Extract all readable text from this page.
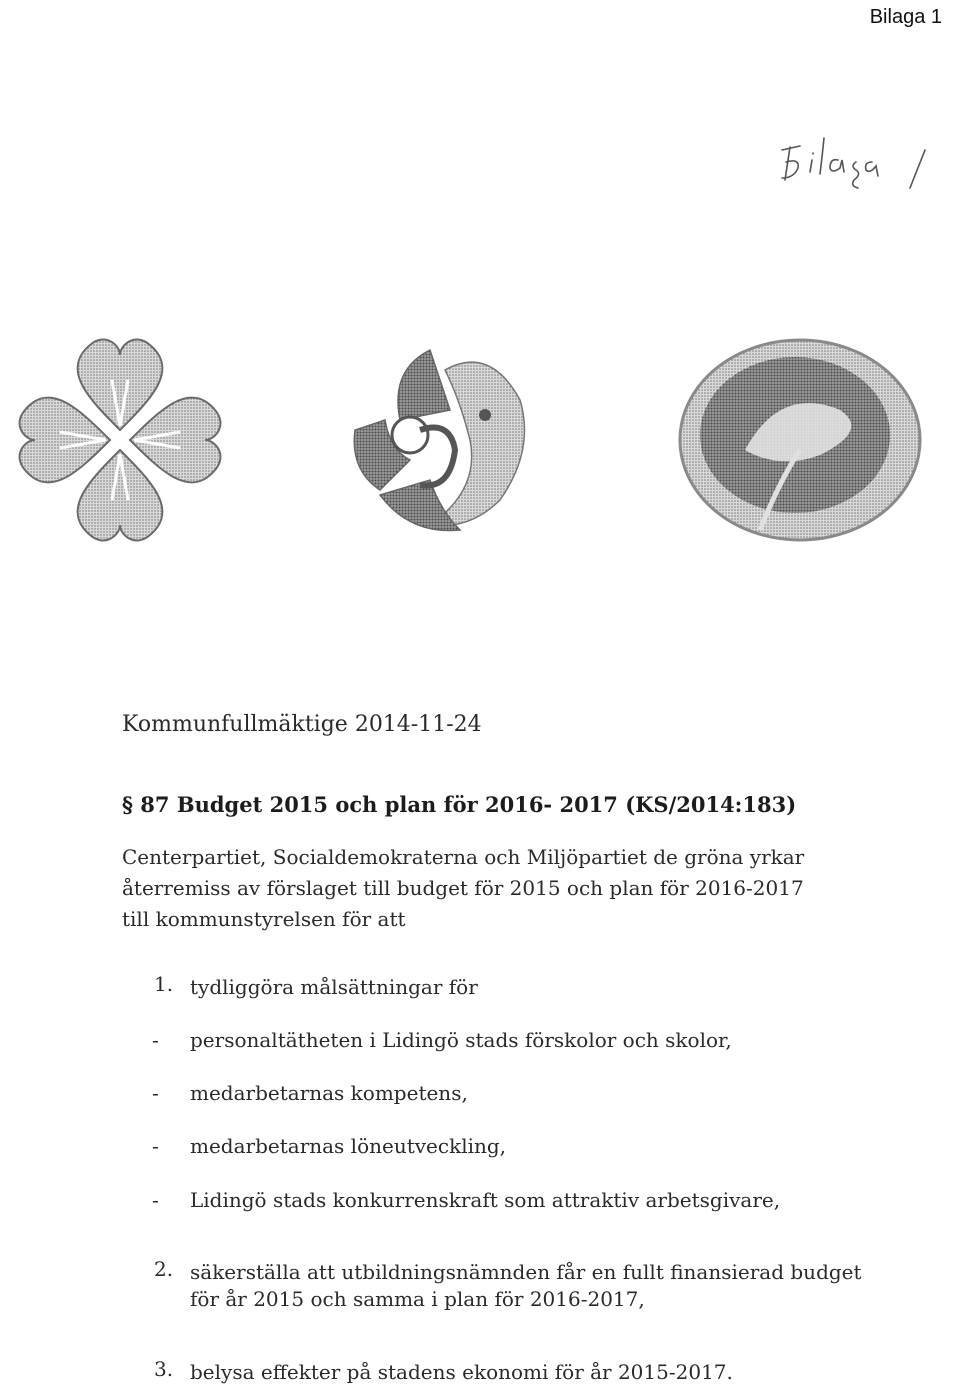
Bilaga 1
Kommunfullmäktige 2014-11-24
§ 87 Budget 2015 och plan för 2016- 2017 (KS/2014:183)
Centerpartiet, Socialdemokraterna och Miljöpartiet de gröna yrkar
återremiss av förslaget till budget för 2015 och plan för 2016-2017
till kommunstyrelsen för att
1. tydliggöra målsättningar för
- personaltätheten i Lidingö stads förskolor och skolor,
- medarbetarnas kompetens,
- medarbetarnas löneutveckling,
- Lidingö stads konkurrenskraft som attraktiv arbetsgivare,
2. säkerställa att utbildningsnämnden får en fullt finansierad budget
för år 2015 och samma i plan för 2016-2017,
3. belysa effekter på stadens ekonomi för år 2015-2017.
